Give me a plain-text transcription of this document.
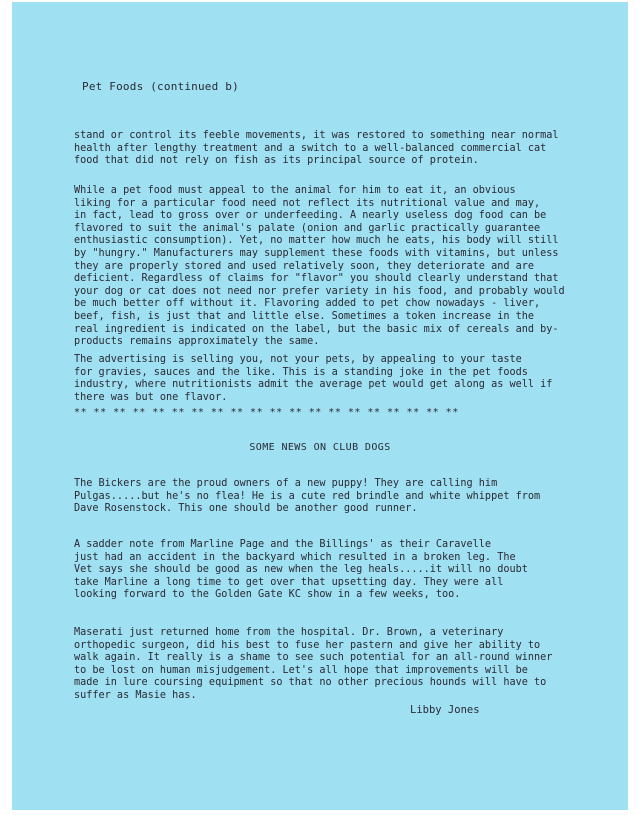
Pet Foods (continued b)
stand or control its feeble movements, it was restored to something near normal
health after lengthy treatment and a switch to a well-balanced commercial cat
food that did not rely on fish as its principal source of protein.
While a pet food must appeal to the animal for him to eat it, an obvious
liking for a particular food need not reflect its nutritional value and may,
in fact, lead to gross over or underfeeding. A nearly useless dog food can be
flavored to suit the animal's palate (onion and garlic practically guarantee
enthusiastic consumption). Yet, no matter how much he eats, his body will still
by "hungry." Manufacturers may supplement these foods with vitamins, but unless
they are properly stored and used relatively soon, they deteriorate and are
deficient. Regardless of claims for "flavor" you should clearly understand that
your dog or cat does not need nor prefer variety in his food, and probably would
be much better off without it. Flavoring added to pet chow nowadays - liver,
beef, fish, is just that and little else. Sometimes a token increase in the
real ingredient is indicated on the label, but the basic mix of cereals and by-
products remains approximately the same.
The advertising is selling you, not your pets, by appealing to your taste
for gravies, sauces and the like. This is a standing joke in the pet foods
industry, where nutritionists admit the average pet would get along as well if
there was but one flavor.
** ** ** ** ** ** ** ** ** ** ** ** ** ** ** ** ** ** ** **
SOME NEWS ON CLUB DOGS
The Bickers are the proud owners of a new puppy! They are calling him
Pulgas.....but he's no flea! He is a cute red brindle and white whippet from
Dave Rosenstock. This one should be another good runner.
A sadder note from Marline Page and the Billings' as their Caravelle
just had an accident in the backyard which resulted in a broken leg. The
Vet says she should be good as new when the leg heals.....it will no doubt
take Marline a long time to get over that upsetting day. They were all
looking forward to the Golden Gate KC show in a few weeks, too.
Maserati just returned home from the hospital. Dr. Brown, a veterinary
orthopedic surgeon, did his best to fuse her pastern and give her ability to
walk again. It really is a shame to see such potential for an all-round winner
to be lost on human misjudgement. Let's all hope that improvements will be
made in lure coursing equipment so that no other precious hounds will have to
suffer as Masie has.
Libby Jones
